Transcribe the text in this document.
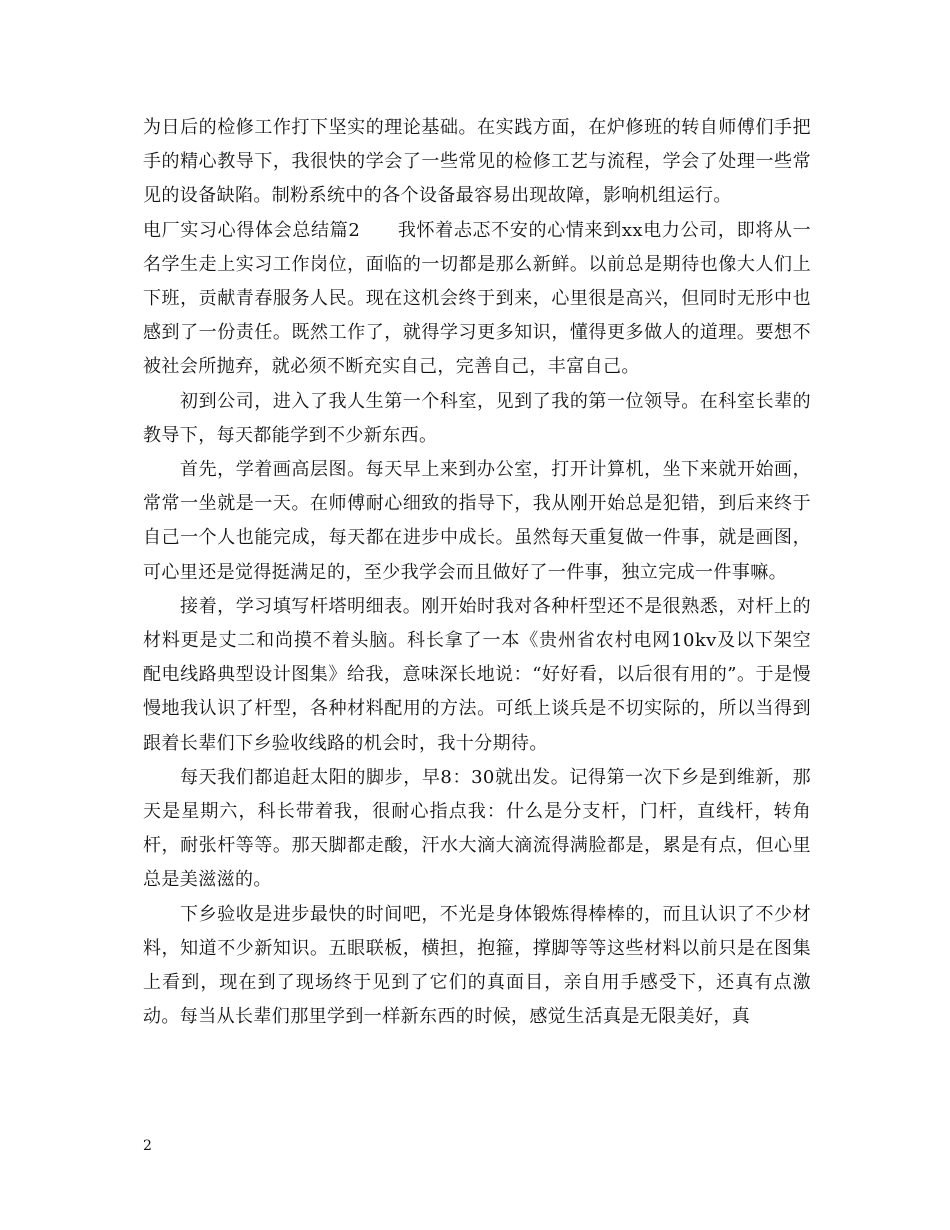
为日后的检修工作打下坚实的理论基础。在实践方面，在炉修班的转自师傅们手把手的精心教导下，我很快的学会了一些常见的检修工艺与流程，学会了处理一些常见的设备缺陷。制粉系统中的各个设备最容易出现故障，影响机组运行。

电厂实习心得体会总结篇2　　我怀着忐忑不安的心情来到xx电力公司，即将从一名学生走上实习工作岗位，面临的一切都是那么新鲜。以前总是期待也像大人们上下班，贡献青春服务人民。现在这机会终于到来，心里很是高兴，但同时无形中也感到了一份责任。既然工作了，就得学习更多知识，懂得更多做人的道理。要想不被社会所抛弃，就必须不断充实自己，完善自己，丰富自己。

初到公司，进入了我人生第一个科室，见到了我的第一位领导。在科室长辈的教导下，每天都能学到不少新东西。

首先，学着画高层图。每天早上来到办公室，打开计算机，坐下来就开始画，常常一坐就是一天。在师傅耐心细致的指导下，我从刚开始总是犯错，到后来终于自己一个人也能完成，每天都在进步中成长。虽然每天重复做一件事，就是画图，可心里还是觉得挺满足的，至少我学会而且做好了一件事，独立完成一件事嘛。

接着，学习填写杆塔明细表。刚开始时我对各种杆型还不是很熟悉，对杆上的材料更是丈二和尚摸不着头脑。科长拿了一本《贵州省农村电网10kv及以下架空配电线路典型设计图集》给我，意味深长地说：“好好看，以后很有用的”。于是慢慢地我认识了杆型，各种材料配用的方法。可纸上谈兵是不切实际的，所以当得到跟着长辈们下乡验收线路的机会时，我十分期待。

每天我们都追赶太阳的脚步，早8：30就出发。记得第一次下乡是到维新，那天是星期六，科长带着我，很耐心指点我：什么是分支杆，门杆，直线杆，转角杆，耐张杆等等。那天脚都走酸，汗水大滴大滴流得满脸都是，累是有点，但心里总是美滋滋的。

下乡验收是进步最快的时间吧，不光是身体锻炼得棒棒的，而且认识了不少材料，知道不少新知识。五眼联板，横担，抱箍，撑脚等等这些材料以前只是在图集上看到，现在到了现场终于见到了它们的真面目，亲自用手感受下，还真有点激动。每当从长辈们那里学到一样新东西的时候，感觉生活真是无限美好，真

2
